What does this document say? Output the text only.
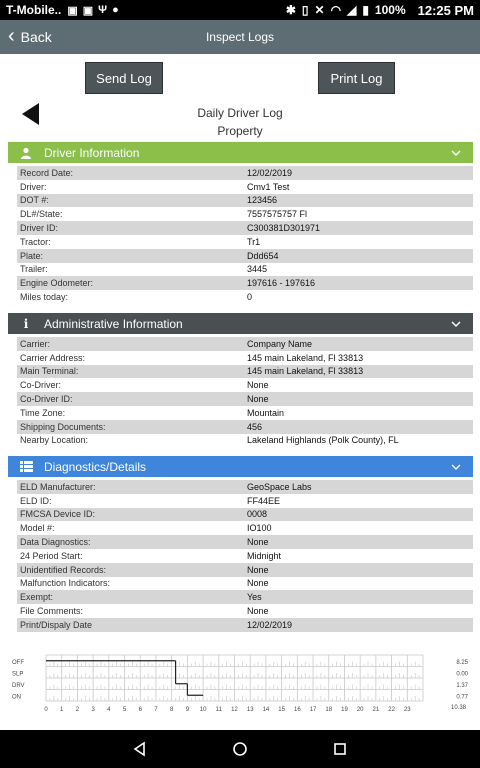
T-Mobile.. ▣ ▣ Ψ ●	✱ ▯ ✕ ◠ ◢ ▮ 100% 12:25 PM
‹ Back	Inspect Logs
Send Log	Print Log
Daily Driver Log
Property
Driver Information
Record Date:	12/02/2019
Driver:	Cmv1 Test
DOT #:	123456
DL#/State:	7557575757 Fl
Driver ID:	C300381D301971
Tractor:	Tr1
Plate:	Ddd654
Trailer:	3445
Engine Odometer:	197616 - 197616
Miles today:	0
i	Administrative Information
Carrier:	Company Name
Carrier Address:	145 main Lakeland, Fl 33813
Main Terminal:	145 main Lakeland, Fl 33813
Co-Driver:	None
Co-Driver ID:	None
Time Zone:	Mountain
Shipping Documents:	456
Nearby Location:	Lakeland Highlands (Polk County), FL
Diagnostics/Details
ELD Manufacturer:	GeoSpace Labs
ELD ID:	FF44EE
FMCSA Device ID:	0008
Model #:	IO100
Data Diagnostics:	None
24 Period Start:	Midnight
Unidentified Records:	None
Malfunction Indicators:	None
Exempt:	Yes
File Comments:	None
Print/Dispaly Date	12/02/2019
OFF
SLP
DRV
ON
8.25
0.00
1.37
0.77
10.38
0 1 2 3 4 5 6 7 8 9 10 11 12 13 14 15 16 17 18 19 20 21 22 23
